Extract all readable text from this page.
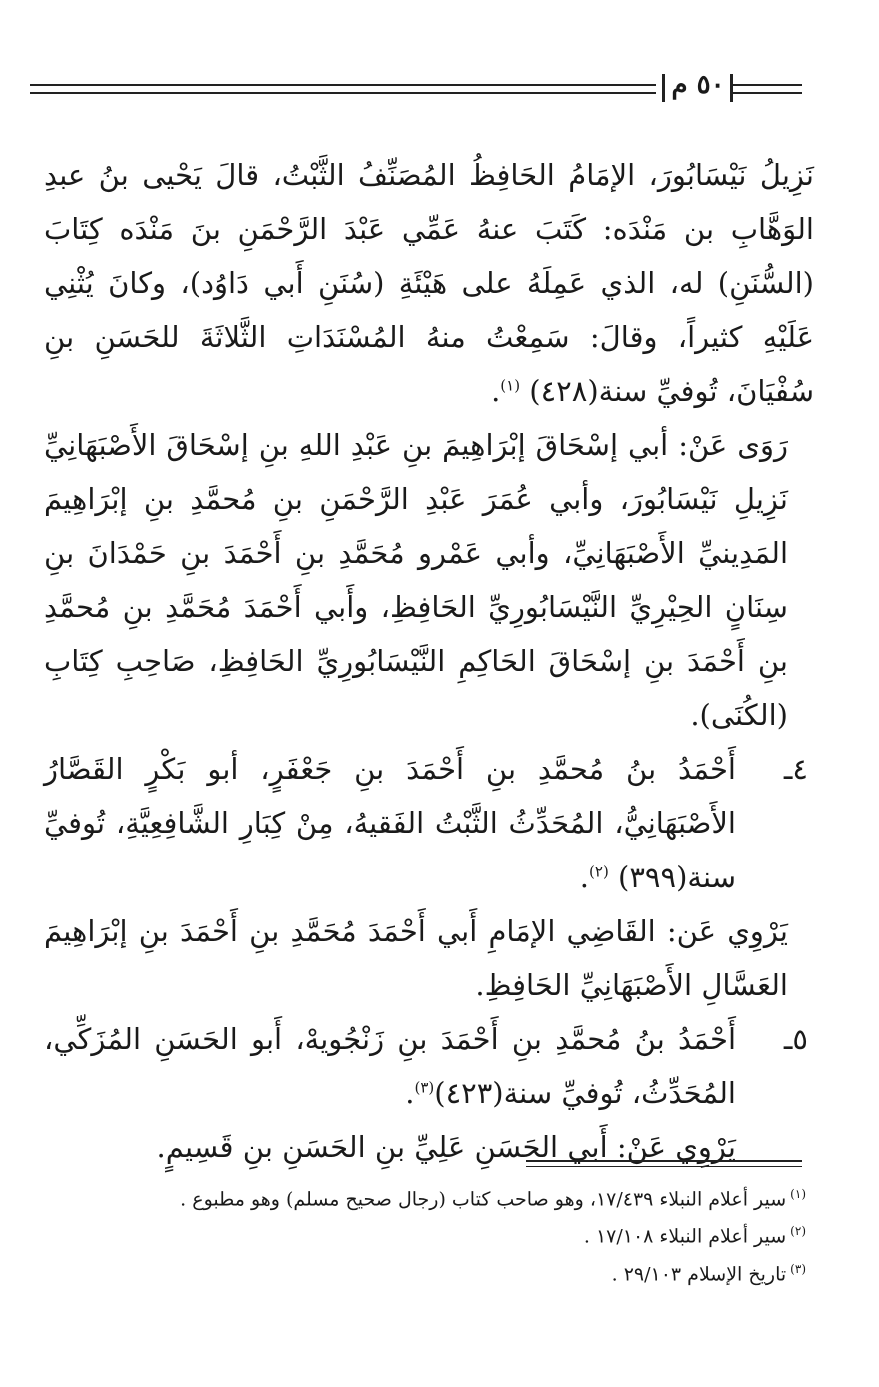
٥٠ م

نَزِيلُ نَيْسَابُورَ، الإمَامُ الحَافِظُ المُصَنِّفُ الثَّبْتُ، قالَ يَحْيى بنُ عبدِ الوَهَّابِ بن مَنْدَه: كَتَبَ عنهُ عَمِّي عَبْدَ الرَّحْمَنِ بنَ مَنْدَه كِتَابَ (السُّنَنِ) له، الذي عَمِلَهُ على هَيْئَةِ (سُنَنِ أَبي دَاوُد)، وكانَ يُثْنِي عَلَيْهِ كثيراً، وقالَ: سَمِعْتُ منهُ المُسْنَدَاتِ الثَّلاثَةَ للحَسَنِ بنِ سُفْيَانَ، تُوفيِّ سنة(٤٢٨) $^{(١)}$.

رَوَى عَنْ: أبي إسْحَاقَ إبْرَاهِيمَ بنِ عَبْدِ اللهِ بنِ إسْحَاقَ الأَصْبَهَانِيِّ نَزِيلِ نَيْسَابُورَ، وأبي عُمَرَ عَبْدِ الرَّحْمَنِ بنِ مُحمَّدِ بنِ إبْرَاهِيمَ المَدِينيِّ الأَصْبَهَانِيِّ، وأبي عَمْرو مُحَمَّدِ بنِ أَحْمَدَ بنِ حَمْدَانَ بنِ سِنَانٍ الحِيْرِيِّ النَّيْسَابُورِيِّ الحَافِظِ، وأَبي أَحْمَدَ مُحَمَّدِ بنِ مُحمَّدِ بنِ أَحْمَدَ بنِ إسْحَاقَ الحَاكِمِ النَّيْسَابُورِيِّ الحَافِظِ، صَاحِبِ كِتَابِ (الكُنَى).

٤ـ
أَحْمَدُ بنُ مُحمَّدِ بنِ أَحْمَدَ بنِ جَعْفَرٍ، أبو بَكْرٍ القَصَّارُ الأَصْبَهَانِيُّ، المُحَدِّثُ الثَّبْتُ الفَقيهُ، مِنْ كِبَارِ الشَّافِعِيَّةِ، تُوفيِّ سنة(٣٩٩) $^{(٢)}$.

يَرْوِي عَن: القَاضِي الإمَامِ أَبي أَحْمَدَ مُحَمَّدِ بنِ أَحْمَدَ بنِ إبْرَاهِيمَ العَسَّالِ الأَصْبَهَانِيِّ الحَافِظِ.

٥ـ
أَحْمَدُ بنُ مُحمَّدِ بنِ أَحْمَدَ بنِ زَنْجُويهْ، أَبو الحَسَنِ المُزَكِّي، المُحَدِّثُ، تُوفيِّ سنة(٤٢٣)$^{(٣)}$.

يَرْوِي عَنْ: أَبي الحَسَنِ عَلِيِّ بنِ الحَسَنِ بنِ قَسِيمٍ.

$^{(١)}$سير أعلام النبلاء ١٧/٤٣٩، وهو صاحب كتاب (رجال صحيح مسلم) وهو مطبوع .

$^{(٢)}$سير أعلام النبلاء ١٧/١٠٨ .

$^{(٣)}$تاريخ الإسلام ٢٩/١٠٣ .
